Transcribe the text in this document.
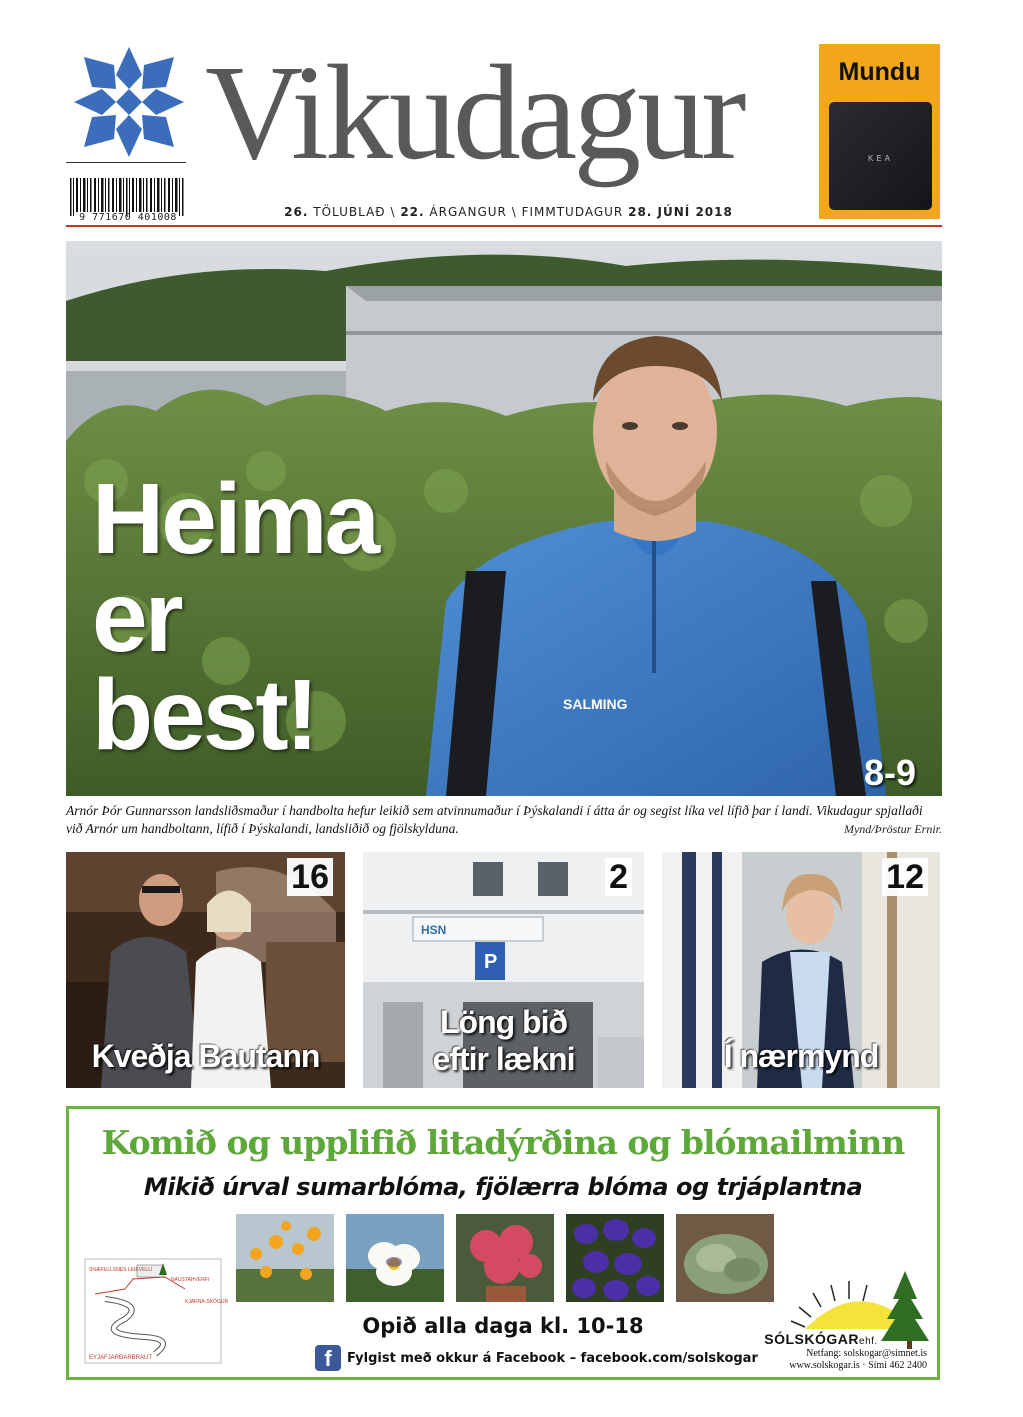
Vikudagur
9 771670 401008	26. TÖLUBLAÐ \ 22. ÁRGANGUR \ FIMMTUDAGUR 28. JÚNÍ 2018
Mundu
KEA
SALMING
Heima
er
best!
8-9
Arnór Þór Gunnarsson landsliðsmaður í handbolta hefur leikið sem atvinnumaður í Þýskalandi í átta ár og segist líka vel lífið þar í landi. Vikudagur spjallaði við Arnór um handboltann, lífið í Þýskalandi, landsliðið og fjölskylduna.	Mynd/Þröstur Ernir.
16
Kveðja Bautann
HSN
P
2
Löng bið
eftir lækni
12
Í nærmynd
Komið og upplifið litadýrðina og blómailminn
Mikið úrval sumarblóma, fjölærra blóma og trjáplantna
EYJAFJARÐARBRAUT
NAUSTAHVERFI
KJARNA-SKÓGUR
SNÆFELLSNES LEIKVELLI
SÓLSKÓGARehf.
Netfang: solskogar@simnet.is
www.solskogar.is · Sími 462 2400
Opið alla daga kl. 10-18
f	Fylgist með okkur á Facebook – facebook.com/solskogar
